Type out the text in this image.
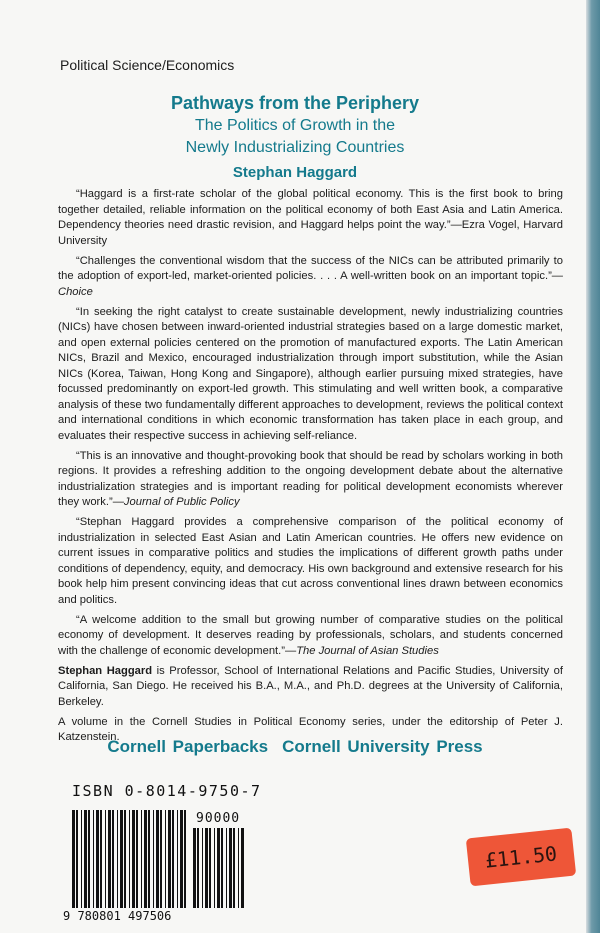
Political Science/Economics
Pathways from the Periphery
The Politics of Growth in the
Newly Industrializing Countries
Stephan Haggard

“Haggard is a first-rate scholar of the global political economy. This is the first book to bring together detailed, reliable information on the political economy of both East Asia and Latin America. Dependency theories need drastic revision, and Haggard helps point the way.”—Ezra Vogel, Harvard University

“Challenges the conventional wisdom that the success of the NICs can be attributed primarily to the adoption of export-led, market-oriented policies. . . . A well-written book on an important topic.”—Choice

“In seeking the right catalyst to create sustainable development, newly industrializing countries (NICs) have chosen between inward-oriented industrial strategies based on a large domestic market, and open external policies centered on the promotion of manufactured exports. The Latin American NICs, Brazil and Mexico, encouraged industrialization through import substitution, while the Asian NICs (Korea, Taiwan, Hong Kong and Singapore), although earlier pursuing mixed strategies, have focussed predominantly on export-led growth. This stimulating and well written book, a comparative analysis of these two fundamentally different approaches to development, reviews the political context and international conditions in which economic transformation has taken place in each group, and evaluates their respective success in achieving self-reliance.

“This is an innovative and thought-provoking book that should be read by scholars working in both regions. It provides a refreshing addition to the ongoing development debate about the alternative industrialization strategies and is important reading for political development economists wherever they work.”—Journal of Public Policy

“Stephan Haggard provides a comprehensive comparison of the political economy of industrialization in selected East Asian and Latin American countries. He offers new evidence on current issues in comparative politics and studies the implications of different growth paths under conditions of dependency, equity, and democracy. His own background and extensive research for his book help him present convincing ideas that cut across conventional lines drawn between economics and politics.

“A welcome addition to the small but growing number of comparative studies on the political economy of development. It deserves reading by professionals, scholars, and students concerned with the challenge of economic development.”—The Journal of Asian Studies

Stephan Haggard is Professor, School of International Relations and Pacific Studies, University of California, San Diego. He received his B.A., M.A., and Ph.D. degrees at the University of California, Berkeley.

A volume in the Cornell Studies in Political Economy series, under the editorship of Peter J. Katzenstein.

Cornell Paperbacks Cornell University Press
ISBN 0-8014-9750-7
9 780801 497506
90000
£11.50
